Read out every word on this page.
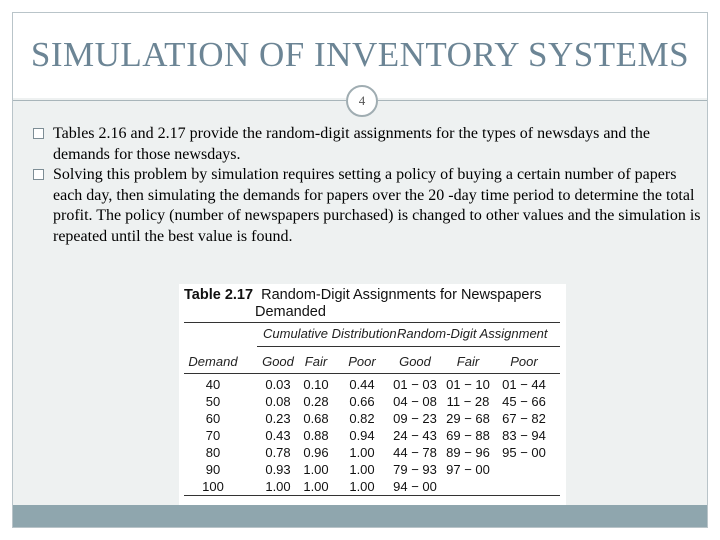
SIMULATION OF INVENTORY SYSTEMS
4
Tables 2.16 and 2.17 provide the random-digit assignments for the types of newsdays and the demands for those newsdays.
Solving this problem by simulation requires setting a policy of buying a certain number of papers each day, then simulating the demands for papers over the 20 -day time period to determine the total profit. The policy (number of newspapers purchased) is changed to other values and the simulation is repeated until the best value is found.
Table 2.17 Random-Digit Assignments for Newspapers
Demanded
Cumulative Distribution Random-Digit Assignment
Demand	Good Fair	Poor	Good	Fair	Poor
40	0.03 0.10	0.44	01 − 03 01 − 10 01 − 44
50	0.08 0.28	0.66	04 − 08 11 − 28 45 − 66
60	0.23 0.68	0.82	09 − 23 29 − 68 67 − 82
70	0.43 0.88	0.94	24 − 43 69 − 88 83 − 94
80	0.78 0.96	1.00	44 − 78 89 − 96 95 − 00
90	0.93 1.00	1.00	79 − 93 97 − 00
100	1.00 1.00	1.00	94 − 00
